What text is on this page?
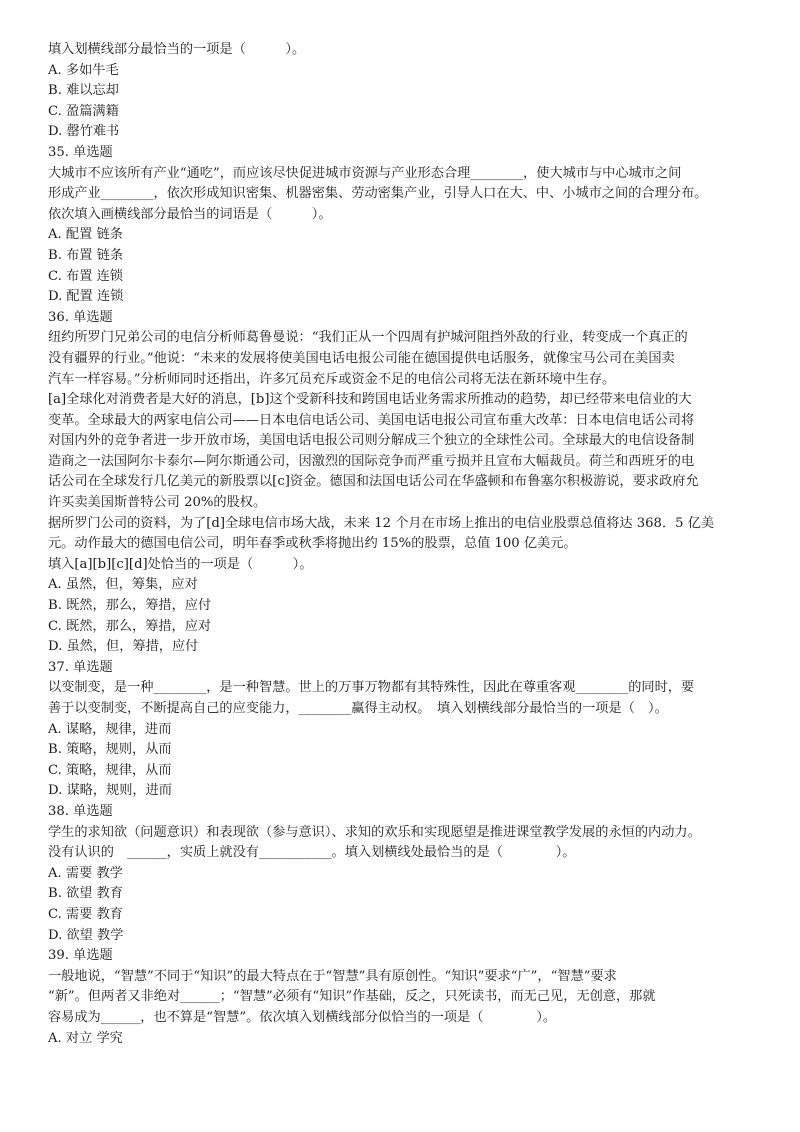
填入划横线部分最恰当的一项是（　　　）。
A. 多如牛毛
B. 难以忘却
C. 盈篇满籍
D. 罄竹难书
35. 单选题
大城市不应该所有产业“通吃”，而应该尽快促进城市资源与产业形态合理________，使大城市与中心城市之间
形成产业________，依次形成知识密集、机器密集、劳动密集产业，引导人口在大、中、小城市之间的合理分布。
依次填入画横线部分最恰当的词语是（　　　）。
A. 配置 链条
B. 布置 链条
C. 布置 连锁
D. 配置 连锁
36. 单选题
纽约所罗门兄弟公司的电信分析师葛鲁曼说：“我们正从一个四周有护城河阻挡外敌的行业，转变成一个真正的
没有疆界的行业。”他说：“未来的发展将使美国电话电报公司能在德国提供电话服务，就像宝马公司在美国卖
汽车一样容易。”分析师同时还指出，许多冗员充斥或资金不足的电信公司将无法在新环境中生存。
[a]全球化对消费者是大好的消息，[b]这个受新科技和跨国电话业务需求所推动的趋势，却已经带来电信业的大
变革。全球最大的两家电信公司——日本电信电话公司、美国电话电报公司宣布重大改革：日本电信电话公司将
对国内外的竞争者进一步开放市场，美国电话电报公司则分解成三个独立的全球性公司。全球最大的电信设备制
造商之一法国阿尔卡泰尔—阿尔斯通公司，因激烈的国际竞争而严重亏损并且宣布大幅裁员。荷兰和西班牙的电
话公司在全球发行几亿美元的新股票以[c]资金。德国和法国电话公司在华盛顿和布鲁塞尔积极游说，要求政府允
许买卖美国斯普特公司 20%的股权。
据所罗门公司的资料，为了[d]全球电信市场大战，未来 12 个月在市场上推出的电信业股票总值将达 368．5 亿美
元。动作最大的德国电信公司，明年春季或秋季将抛出约 15%的股票，总值 100 亿美元。
填入[a][b][c][d]处恰当的一项是（　　　）。
A. 虽然，但，筹集，应对
B. 既然，那么，筹措，应付
C. 既然，那么，筹措，应对
D. 虽然，但，筹措，应付
37. 单选题
以变制变，是一种________，是一种智慧。世上的万事万物都有其特殊性，因此在尊重客观________的同时，要
善于以变制变，不断提高自己的应变能力，________赢得主动权。　填入划横线部分最恰当的一项是（　）。
A. 谋略，规律，进而
B. 策略，规则，从而
C. 策略，规律，从而
D. 谋略，规则，进而
38. 单选题
学生的求知欲（问题意识）和表现欲（参与意识）、求知的欢乐和实现愿望是推进课堂教学发展的永恒的内动力。
没有认识的　______，实质上就没有___________。填入划横线处最恰当的是（　　　　）。
A. 需要 教学
B. 欲望 教育
C. 需要 教育
D. 欲望 教学
39. 单选题
一般地说，“智慧”不同于“知识”的最大特点在于“智慧”具有原创性。“知识”要求“广”，“智慧”要求
“新”。但两者又非绝对______；“智慧”必须有“知识”作基础，反之，只死读书，而无己见，无创意，那就
容易成为______，也不算是“智慧”。依次填入划横线部分似恰当的一项是（　　　　）。
A. 对立 学究
